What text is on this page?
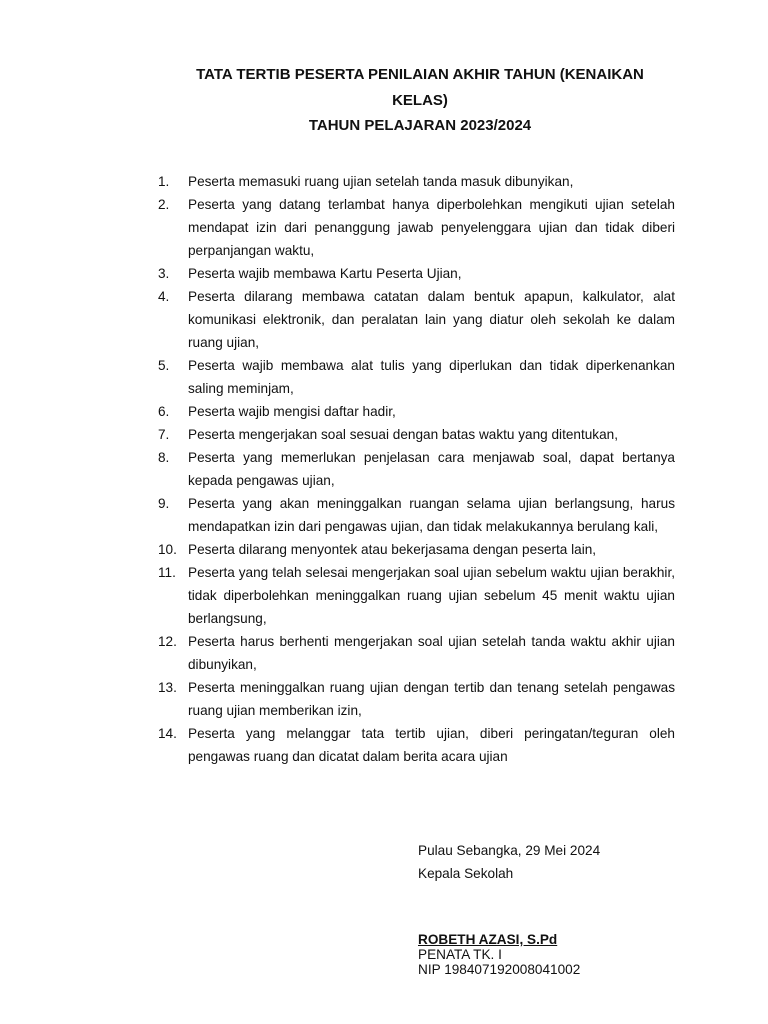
TATA TERTIB PESERTA PENILAIAN AKHIR TAHUN (KENAIKAN
KELAS)
TAHUN PELAJARAN 2023/2024
1.	Peserta memasuki ruang ujian setelah tanda masuk dibunyikan,
2.	Peserta yang datang terlambat hanya diperbolehkan mengikuti ujian setelah mendapat izin dari penanggung jawab penyelenggara ujian dan tidak diberi perpanjangan waktu,
3.	Peserta wajib membawa Kartu Peserta Ujian,
4.	Peserta dilarang membawa catatan dalam bentuk apapun, kalkulator, alat komunikasi elektronik, dan peralatan lain yang diatur oleh sekolah ke dalam ruang ujian,
5.	Peserta wajib membawa alat tulis yang diperlukan dan tidak diperkenankan saling meminjam,
6.	Peserta wajib mengisi daftar hadir,
7.	Peserta mengerjakan soal sesuai dengan batas waktu yang ditentukan,
8.	Peserta yang memerlukan penjelasan cara menjawab soal, dapat bertanya kepada pengawas ujian,
9.	Peserta yang akan meninggalkan ruangan selama ujian berlangsung, harus mendapatkan izin dari pengawas ujian, dan tidak melakukannya berulang kali,
10. Peserta dilarang menyontek atau bekerjasama dengan peserta lain,
11. Peserta yang telah selesai mengerjakan soal ujian sebelum waktu ujian berakhir, tidak diperbolehkan meninggalkan ruang ujian sebelum 45 menit waktu ujian berlangsung,
12. Peserta harus berhenti mengerjakan soal ujian setelah tanda waktu akhir ujian dibunyikan,
13. Peserta meninggalkan ruang ujian dengan tertib dan tenang setelah pengawas ruang ujian memberikan izin,
14. Peserta yang melanggar tata tertib ujian, diberi peringatan/teguran oleh pengawas ruang dan dicatat dalam berita acara ujian
Pulau Sebangka, 29 Mei 2024
Kepala Sekolah
ROBETH AZASI, S.Pd
PENATA TK. I
NIP 198407192008041002
